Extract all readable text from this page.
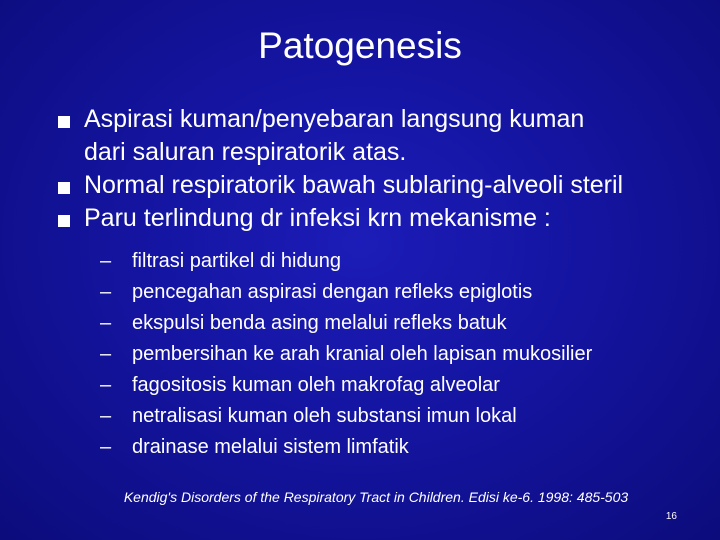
Patogenesis
Aspirasi kuman/penyebaran langsung kuman
dari saluran respiratorik atas.
Normal respiratorik bawah sublaring-alveoli steril
Paru terlindung dr infeksi krn mekanisme :
– filtrasi partikel di hidung
– pencegahan aspirasi dengan refleks epiglotis
– ekspulsi benda asing melalui refleks batuk
– pembersihan ke arah kranial oleh lapisan mukosilier
– fagositosis kuman oleh makrofag alveolar
– netralisasi kuman oleh substansi imun lokal
– drainase melalui sistem limfatik
Kendig's Disorders of the Respiratory Tract in Children. Edisi ke-6. 1998: 485-503
16
